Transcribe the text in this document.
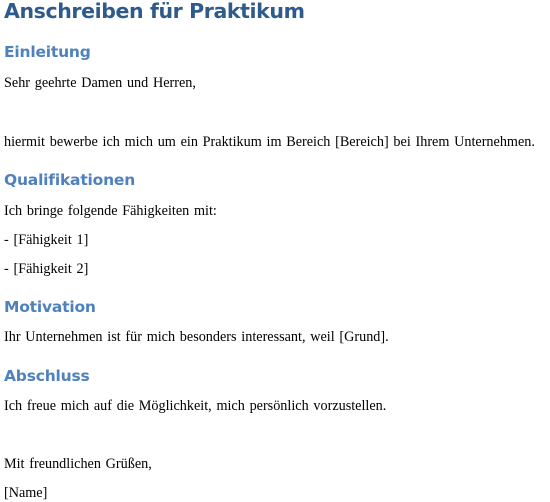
Anschreiben für Praktikum
Einleitung

Sehr geehrte Damen und Herren,

hiermit bewerbe ich mich um ein Praktikum im Bereich [Bereich] bei Ihrem Unternehmen.

Qualifikationen

Ich bringe folgende Fähigkeiten mit:

- [Fähigkeit 1]

- [Fähigkeit 2]

Motivation

Ihr Unternehmen ist für mich besonders interessant, weil [Grund].

Abschluss

Ich freue mich auf die Möglichkeit, mich persönlich vorzustellen.

Mit freundlichen Grüßen,

[Name]
